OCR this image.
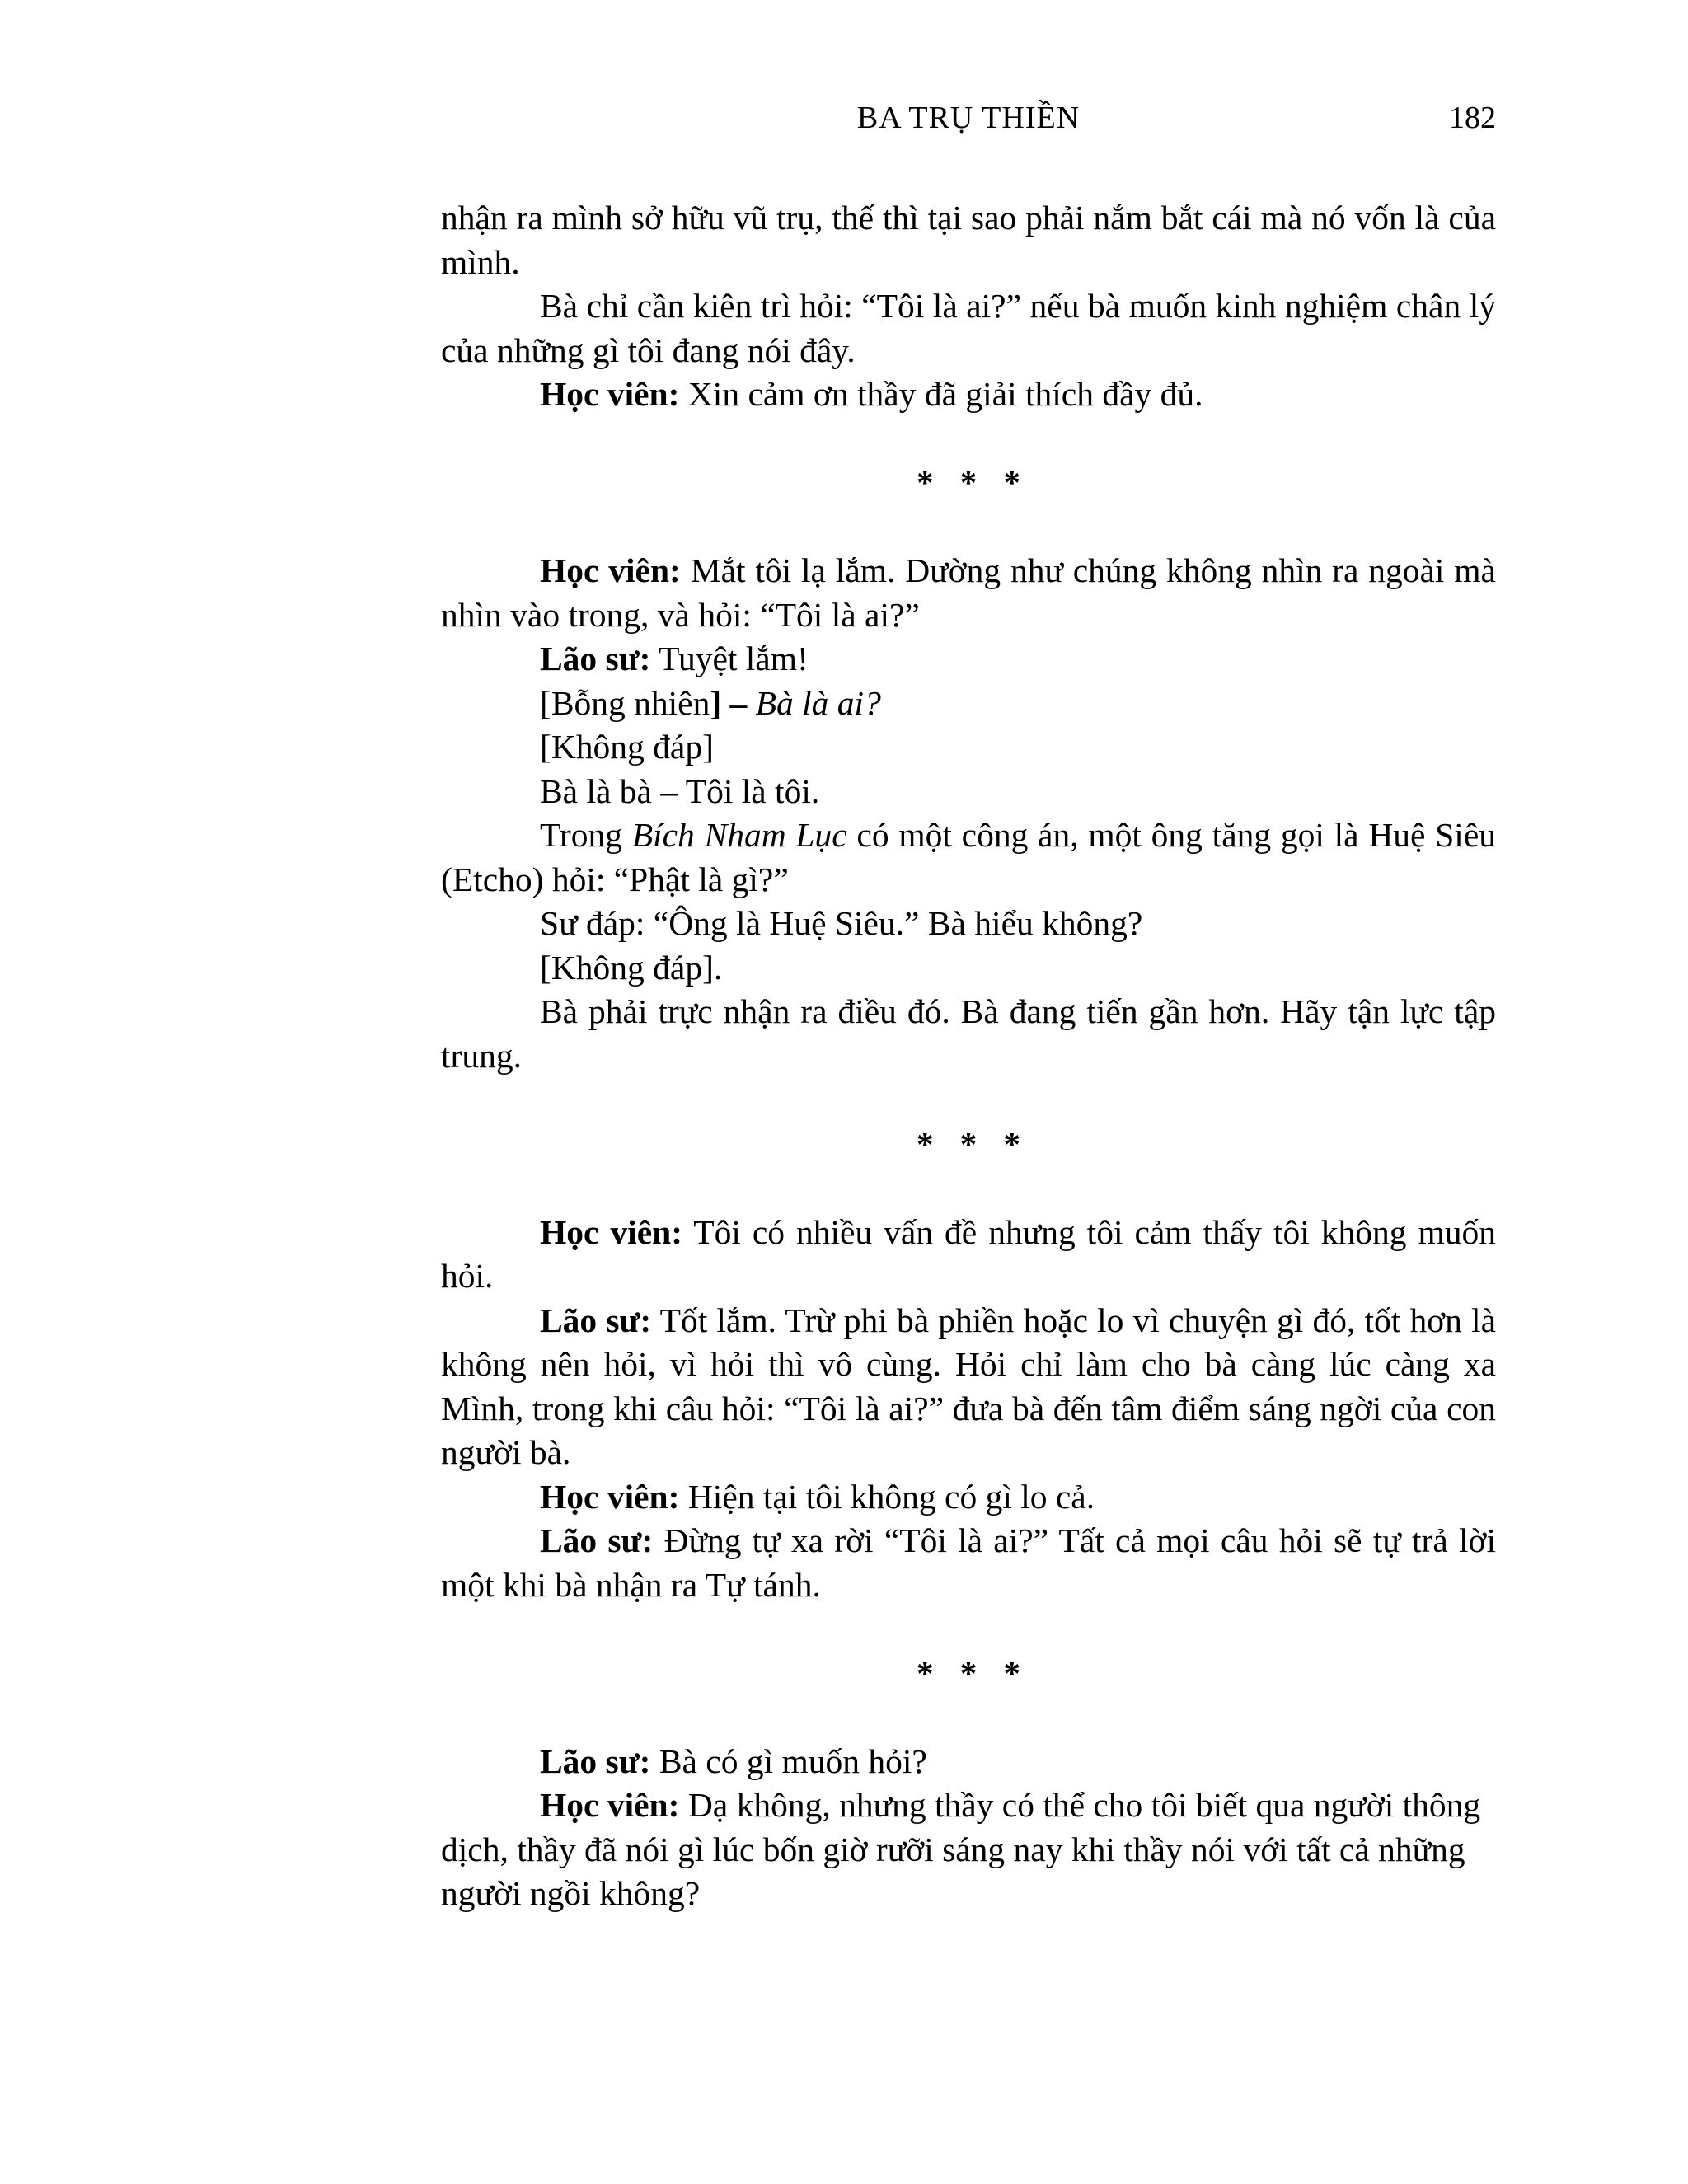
BA TRỤ THIỀN	182

nhận ra mình sở hữu vũ trụ, thế thì tại sao phải nắm bắt cái mà nó vốn là của mình.

Bà chỉ cần kiên trì hỏi: “Tôi là ai?” nếu bà muốn kinh nghiệm chân lý của những gì tôi đang nói đây.

Học viên: Xin cảm ơn thầy đã giải thích đầy đủ.

***

Học viên: Mắt tôi lạ lắm. Dường như chúng không nhìn ra ngoài mà nhìn vào trong, và hỏi: “Tôi là ai?”

Lão sư: Tuyệt lắm!

[Bỗng nhiên] – Bà là ai?

[Không đáp]

Bà là bà – Tôi là tôi.

Trong Bích Nham Lục có một công án, một ông tăng gọi là Huệ Siêu (Etcho) hỏi: “Phật là gì?”

Sư đáp: “Ông là Huệ Siêu.” Bà hiểu không?

[Không đáp].

Bà phải trực nhận ra điều đó. Bà đang tiến gần hơn. Hãy tận lực tập trung.

***

Học viên: Tôi có nhiều vấn đề nhưng tôi cảm thấy tôi không muốn hỏi.

Lão sư: Tốt lắm. Trừ phi bà phiền hoặc lo vì chuyện gì đó, tốt hơn là không nên hỏi, vì hỏi thì vô cùng. Hỏi chỉ làm cho bà càng lúc càng xa Mình, trong khi câu hỏi: “Tôi là ai?” đưa bà đến tâm điểm sáng ngời của con người bà.

Học viên: Hiện tại tôi không có gì lo cả.

Lão sư: Đừng tự xa rời “Tôi là ai?” Tất cả mọi câu hỏi sẽ tự trả lời một khi bà nhận ra Tự tánh.

***

Lão sư: Bà có gì muốn hỏi?

Học viên: Dạ không, nhưng thầy có thể cho tôi biết qua người thông dịch, thầy đã nói gì lúc bốn giờ rưỡi sáng nay khi thầy nói với tất cả những người ngồi không?
